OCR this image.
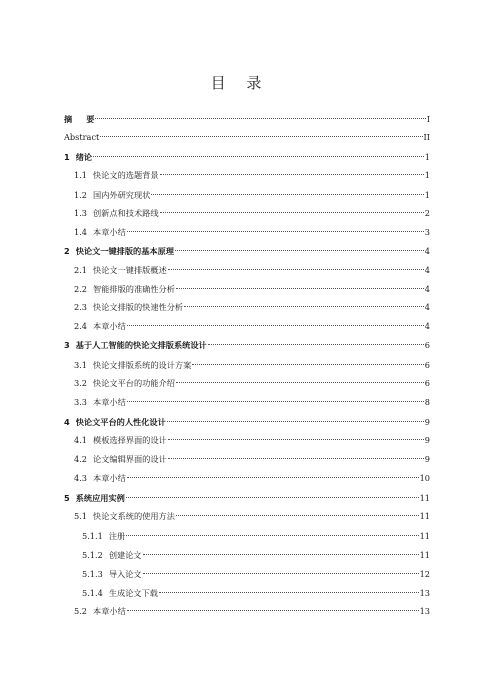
目 录
摘 要	I
Abstract	II
1 绪论	1
1.1 快论文的选题背景	1
1.2 国内外研究现状	1
1.3 创新点和技术路线	2
1.4 本章小结	3
2 快论文一键排版的基本原理	4
2.1 快论文一键排版概述	4
2.2 智能排版的准确性分析	4
2.3 快论文排版的快速性分析	4
2.4 本章小结	4
3 基于人工智能的快论文排版系统设计	6
3.1 快论文排版系统的设计方案	6
3.2 快论文平台的功能介绍	6
3.3 本章小结	8
4 快论文平台的人性化设计	9
4.1 模板选择界面的设计	9
4.2 论文编辑界面的设计	9
4.3 本章小结	10
5 系统应用实例	11
5.1 快论文系统的使用方法	11
5.1.1 注册	11
5.1.2 创建论文	11
5.1.3 导入论文	12
5.1.4 生成论文下载	13
5.2 本章小结	13
